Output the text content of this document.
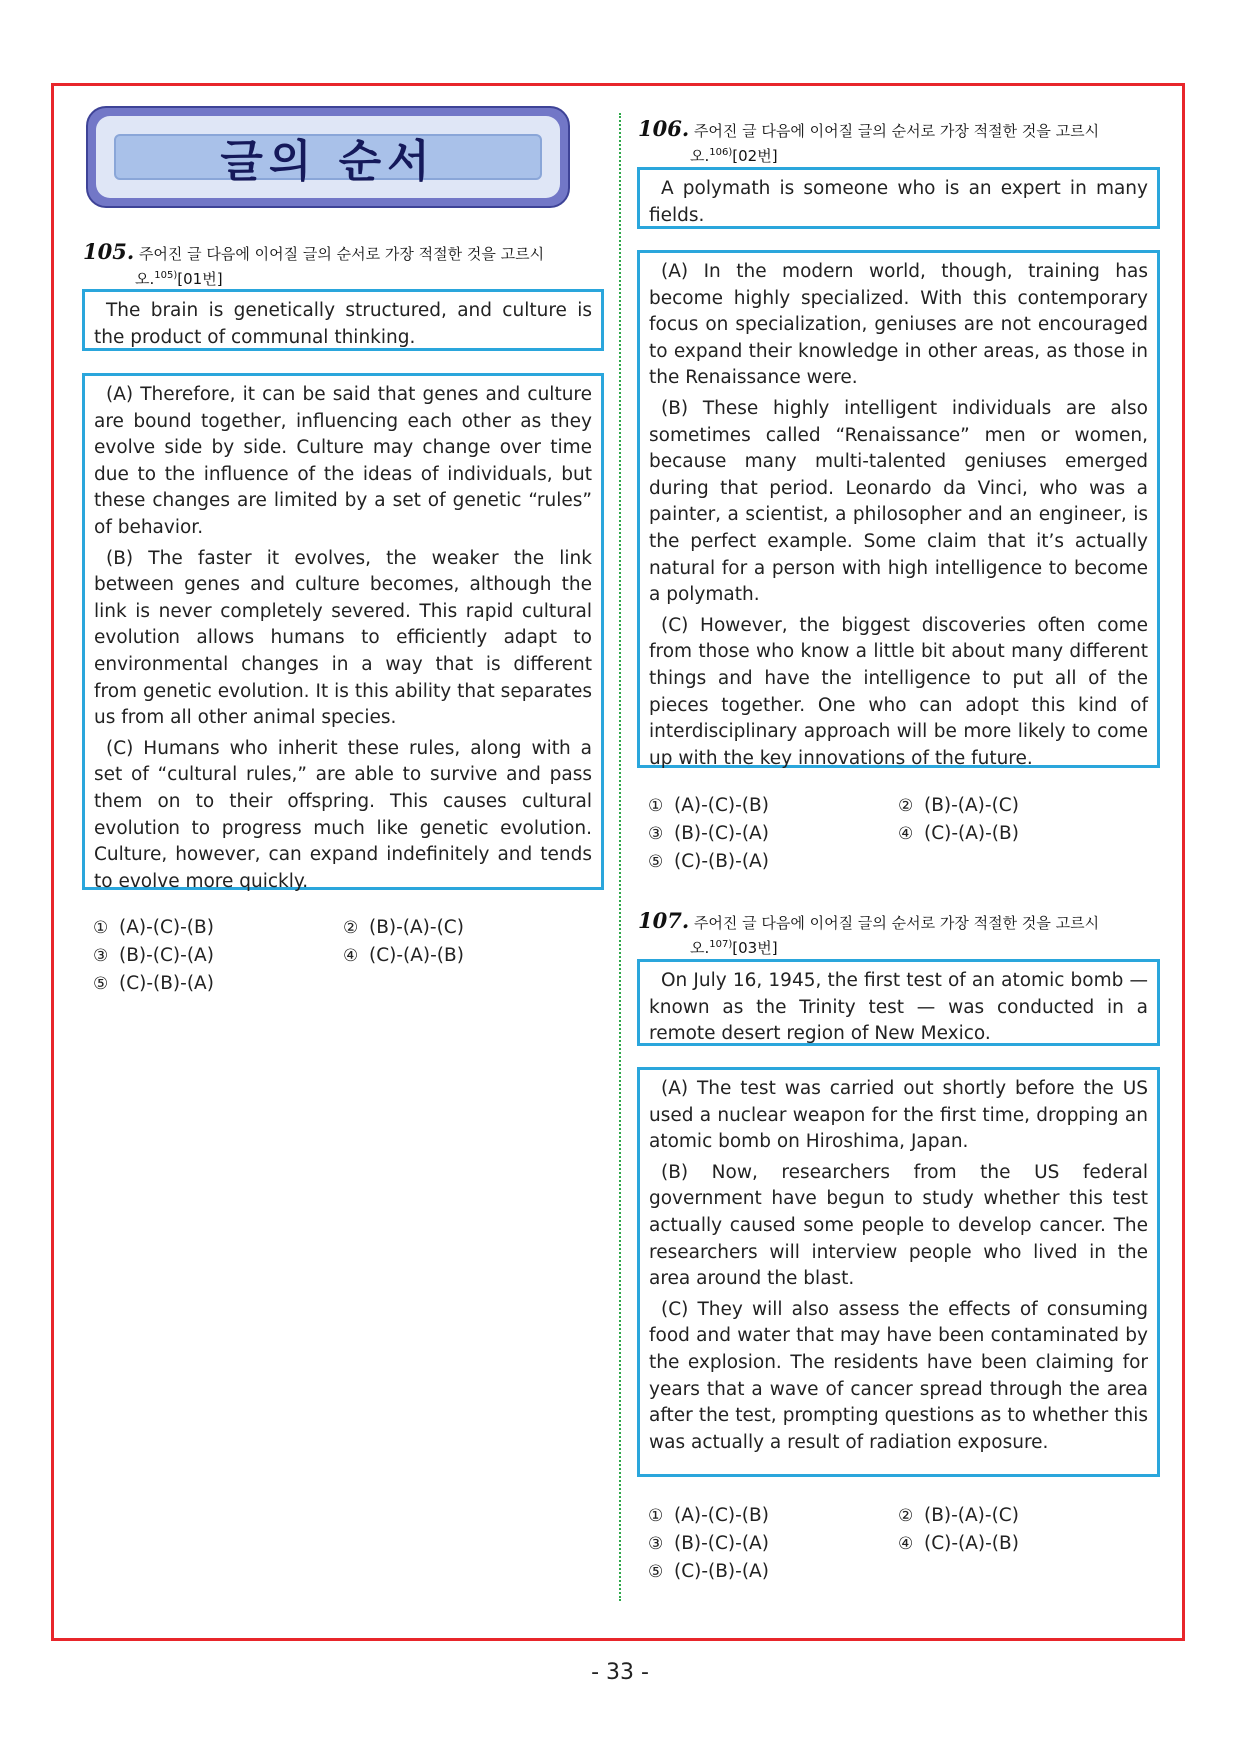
글의 순서
105. 주어진 글 다음에 이어질 글의 순서로 가장 적절한 것을 고르시
오.$^{105)}$[01번]

The brain is genetically structured, and culture is the product of communal thinking.

(A) Therefore, it can be said that genes and culture are bound together, influencing each other as they evolve side by side. Culture may change over time due to the influence of the ideas of individuals, but these changes are limited by a set of genetic “rules” of behavior.

(B) The faster it evolves, the weaker the link between genes and culture becomes, although the link is never completely severed. This rapid cultural evolution allows humans to efficiently adapt to environmental changes in a way that is different from genetic evolution. It is this ability that separates us from all other animal species.

(C) Humans who inherit these rules, along with a set of “cultural rules,” are able to survive and pass them on to their offspring. This causes cultural evolution to progress much like genetic evolution. Culture, however, can expand indefinitely and tends to evolve more quickly.

① (A)-(C)-(B)	② (B)-(A)-(C)
③ (B)-(C)-(A)	④ (C)-(A)-(B)
⑤ (C)-(B)-(A)
106. 주어진 글 다음에 이어질 글의 순서로 가장 적절한 것을 고르시
오.$^{106)}$[02번]

A polymath is someone who is an expert in many fields.

(A) In the modern world, though, training has become highly specialized. With this contemporary focus on specialization, geniuses are not encouraged to expand their knowledge in other areas, as those in the Renaissance were.

(B) These highly intelligent individuals are also sometimes called “Renaissance” men or women, because many multi-talented geniuses emerged during that period. Leonardo da Vinci, who was a painter, a scientist, a philosopher and an engineer, is the perfect example. Some claim that it’s actually natural for a person with high intelligence to become a polymath.

(C) However, the biggest discoveries often come from those who know a little bit about many different things and have the intelligence to put all of the pieces together. One who can adopt this kind of interdisciplinary approach will be more likely to come up with the key innovations of the future.

① (A)-(C)-(B)	② (B)-(A)-(C)
③ (B)-(C)-(A)	④ (C)-(A)-(B)
⑤ (C)-(B)-(A)
107. 주어진 글 다음에 이어질 글의 순서로 가장 적절한 것을 고르시
오.$^{107)}$[03번]

On July 16, 1945, the first test of an atomic bomb — known as the Trinity test — was conducted in a remote desert region of New Mexico.

(A) The test was carried out shortly before the US used a nuclear weapon for the first time, dropping an atomic bomb on Hiroshima, Japan.

(B) Now, researchers from the US federal government have begun to study whether this test actually caused some people to develop cancer. The researchers will interview people who lived in the area around the blast.

(C) They will also assess the effects of consuming food and water that may have been contaminated by the explosion. The residents have been claiming for years that a wave of cancer spread through the area after the test, prompting questions as to whether this was actually a result of radiation exposure.

① (A)-(C)-(B)	② (B)-(A)-(C)
③ (B)-(C)-(A)	④ (C)-(A)-(B)
⑤ (C)-(B)-(A)
- 33 -
